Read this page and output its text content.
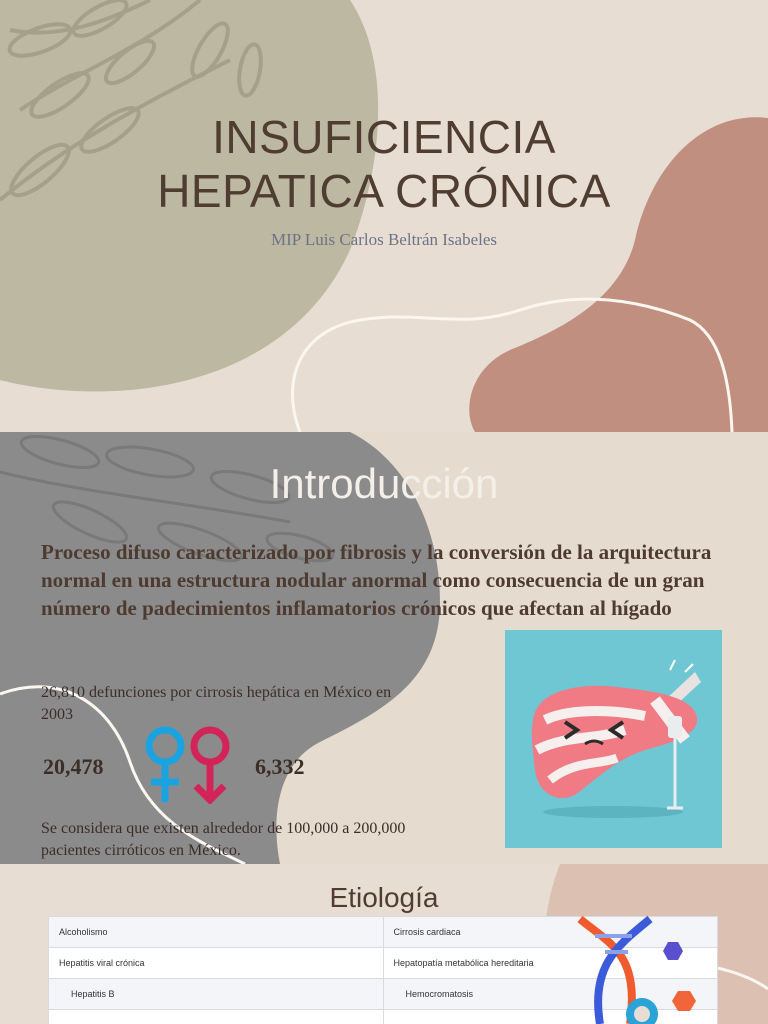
INSUFICIENCIA
HEPATICA CRÓNICA
MIP Luis Carlos Beltrán Isabeles
Introducción

Proceso difuso caracterizado por fibrosis y la conversión de la arquitectura normal en una estructura nodular anormal como consecuencia de un gran número de padecimientos inflamatorios crónicos que afectan al hígado

26,810 defunciones por cirrosis hepática en México en 2003

20,478	6,332

Se considera que existen alrededor de 100,000 a 200,000 pacientes cirróticos en México.

Etiología
Alcoholismo	Cirrosis cardiaca
Hepatitis viral crónica	Hepatopatía metabólica hereditaria
Hepatitis B	Hemocromatosis
